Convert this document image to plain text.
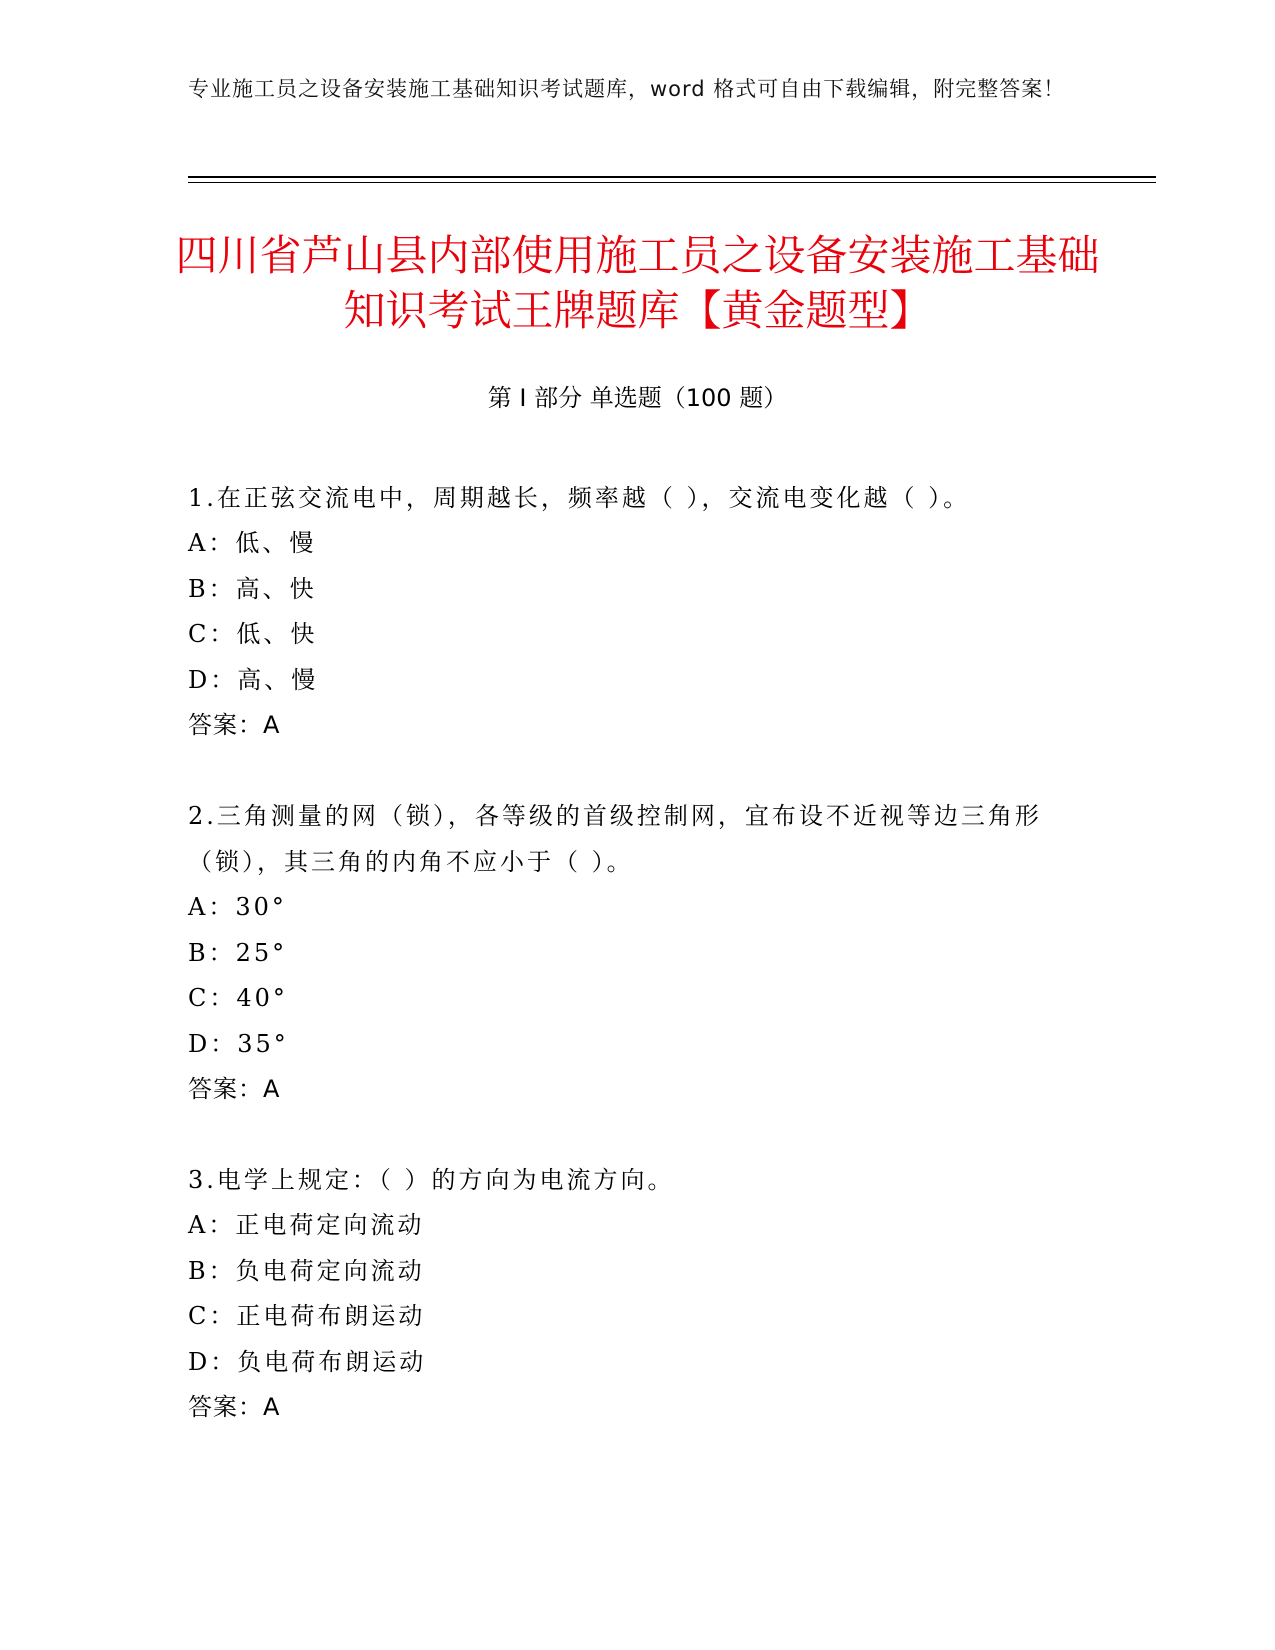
专业施工员之设备安装施工基础知识考试题库，word 格式可自由下载编辑，附完整答案！
四川省芦山县内部使用施工员之设备安装施工基础知识考试王牌题库【黄金题型】
第 I 部分 单选题（100 题）

1.在正弦交流电中，周期越长，频率越（ ），交流电变化越（ ）。

A：低、慢

B：高、快

C：低、快

D：高、慢

答案：A

2.三角测量的网（锁），各等级的首级控制网，宜布设不近视等边三角形（锁），其三角的内角不应小于（ ）。

A：30°

B：25°

C：40°

D：35°

答案：A

3.电学上规定：（ ）的方向为电流方向。

A：正电荷定向流动

B：负电荷定向流动

C：正电荷布朗运动

D：负电荷布朗运动

答案：A
